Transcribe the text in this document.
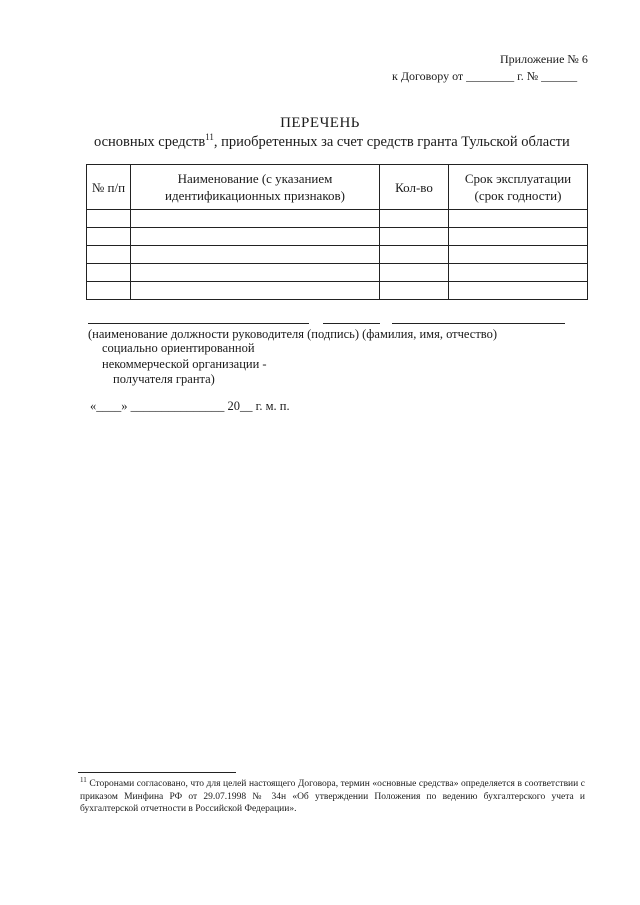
Приложение № 6
к Договору от ________ г. № ______
ПЕРЕЧЕНЬ
основных средств$^{11}$, приобретенных за счет средств гранта Тульской области
№ п/п	Наименование (с указанием идентификационных признаков)	Кол-во	Срок эксплуатации (срок годности)

(наименование должности руководителя (подпись) (фамилия, имя, отчество)
социально ориентированной
некоммерческой организации -
получателя гранта)
«____» _______________ 20__ г. м. п.
$^{11}$ Сторонами согласовано, что для целей настоящего Договора, термин «основные средства» определяется в соответствии с приказом Минфина РФ от 29.07.1998 № 34н «Об утверждении Положения по ведению бухгалтерского учета и бухгалтерской отчетности в Российской Федерации».
